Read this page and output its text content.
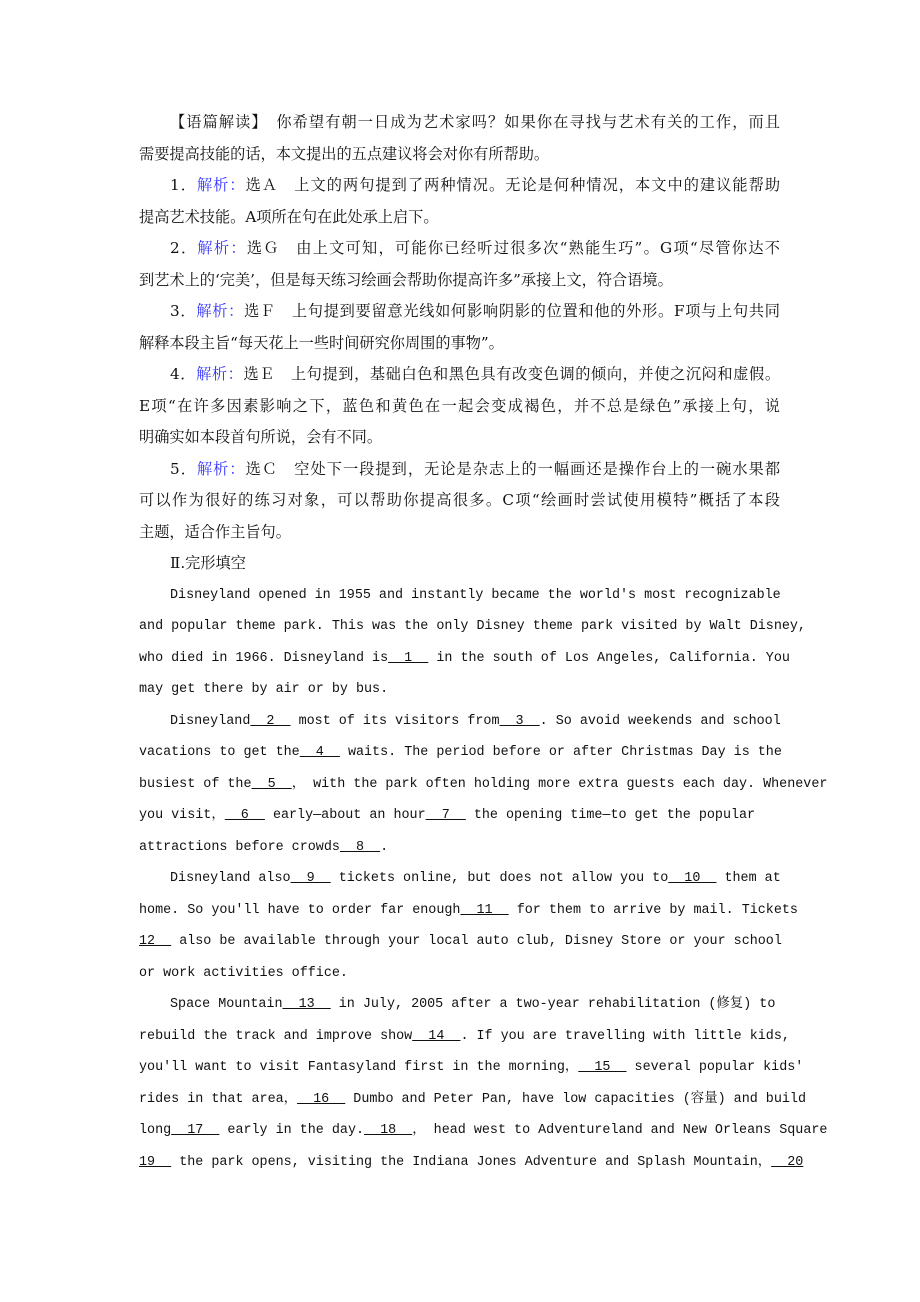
【语篇解读】　你希望有朝一日成为艺术家吗？如果你在寻找与艺术有关的工作，而且
需要提高技能的话，本文提出的五点建议将会对你有所帮助。
1．解析：选Ａ　上文的两句提到了两种情况。无论是何种情况，本文中的建议能帮助
提高艺术技能。A项所在句在此处承上启下。
2．解析：选Ｇ　由上文可知，可能你已经听过很多次“熟能生巧”。G项“尽管你达不
到艺术上的‘完美’，但是每天练习绘画会帮助你提高许多”承接上文，符合语境。
3．解析：选Ｆ　上句提到要留意光线如何影响阴影的位置和他的外形。F项与上句共同
解释本段主旨“每天花上一些时间研究你周围的事物”。
4．解析：选Ｅ　上句提到，基础白色和黑色具有改变色调的倾向，并使之沉闷和虚假。
E项“在许多因素影响之下，蓝色和黄色在一起会变成褐色，并不总是绿色”承接上句，说
明确实如本段首句所说，会有不同。
5．解析：选Ｃ　空处下一段提到，无论是杂志上的一幅画还是操作台上的一碗水果都
可以作为很好的练习对象，可以帮助你提高很多。C项“绘画时尝试使用模特”概括了本段
主题，适合作主旨句。
Ⅱ.完形填空
Disneyland opened in 1955 and instantly became the world's most recognizable
and popular theme park. This was the only Disney theme park visited by Walt Disney,
who died in 1966. Disneyland is  1   in the south of Los Angeles, California. You
may get there by air or by bus.
Disneyland  2   most of its visitors from  3  . So avoid weekends and school
vacations to get the  4   waits. The period before or after Christmas Day is the
busiest of the  5  ， with the park often holding more extra guests each day. Whenever
you visit，  6   early—about an hour  7   the opening time—to get the popular
attractions before crowds  8  .
Disneyland also  9   tickets online, but does not allow you to  10   them at
home. So you'll have to order far enough  11   for them to arrive by mail. Tickets
12   also be available through your local auto club, Disney Store or your school
or work activities office.
Space Mountain  13   in July, 2005 after a two-year rehabilitation (修复) to
rebuild the track and improve show  14  . If you are travelling with little kids,
you'll want to visit Fantasyland first in the morning，  15   several popular kids'
rides in that area，  16   Dumbo and Peter Pan, have low capacities (容量) and build
long  17   early in the day.  18  ， head west to Adventureland and New Orleans Square
19   the park opens, visiting the Indiana Jones Adventure and Splash Mountain，  20
